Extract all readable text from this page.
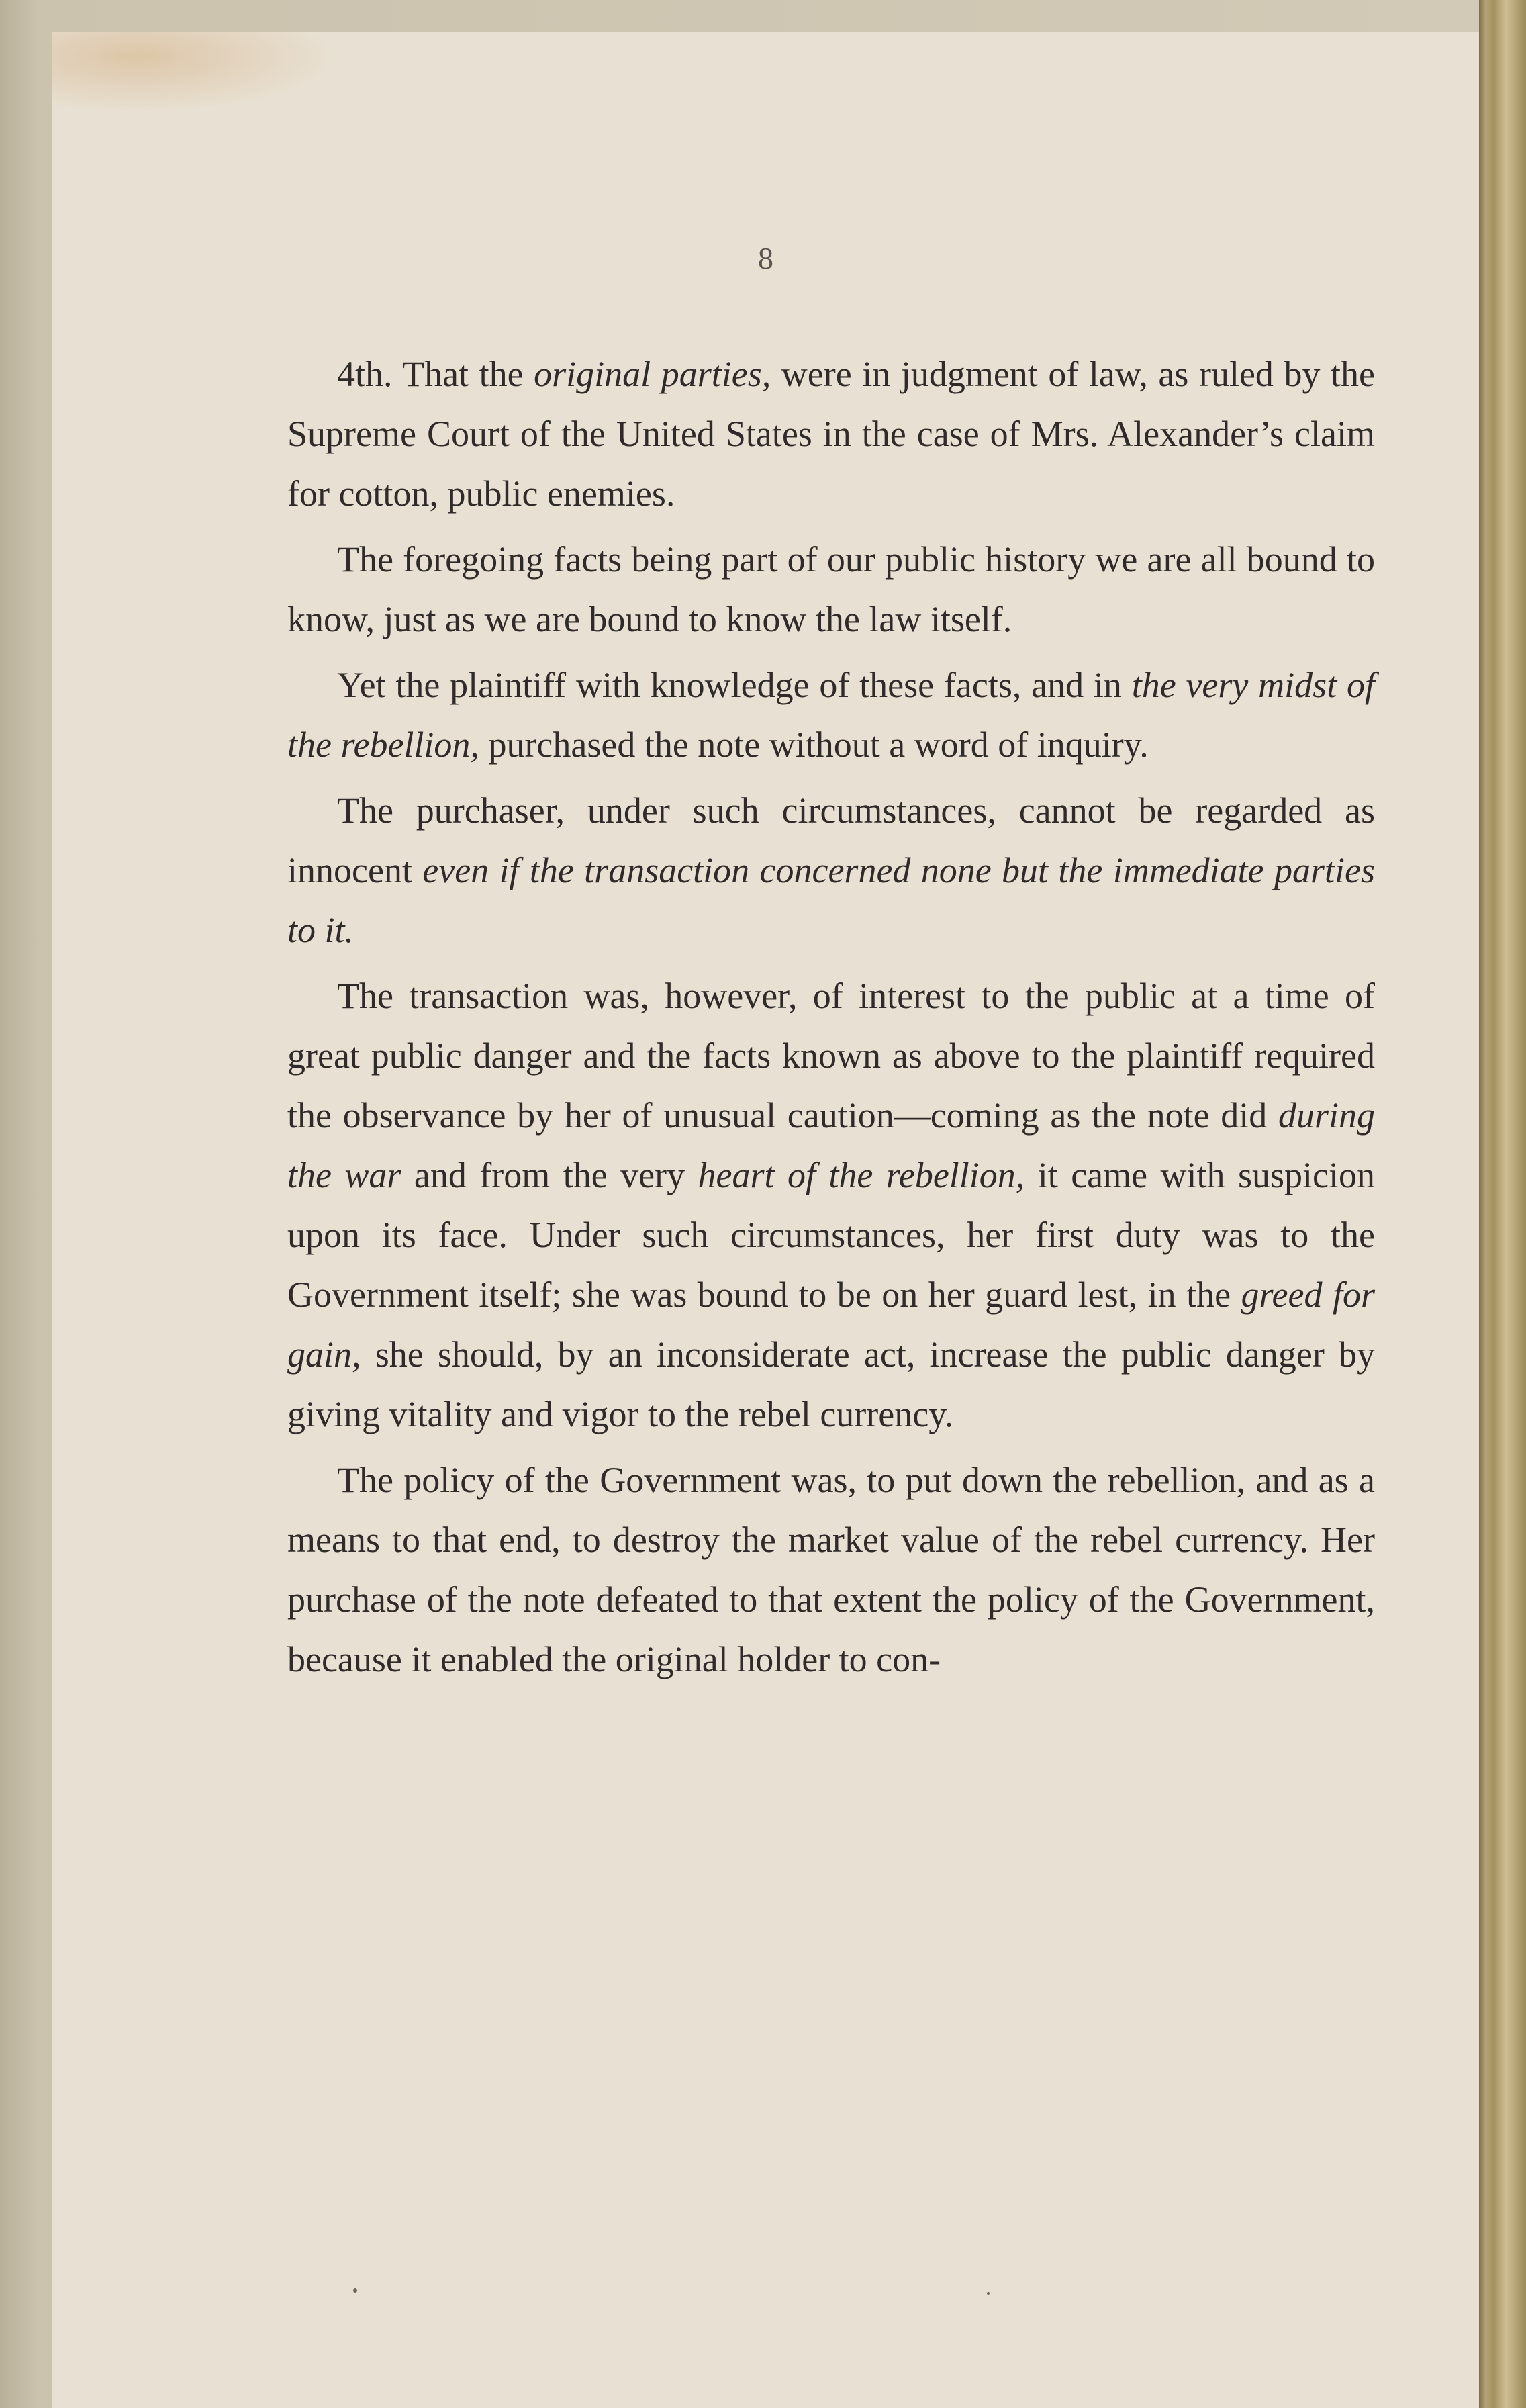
8

4th. That the original parties, were in judgment of law, as ruled by the Supreme Court of the United States in the case of Mrs. Alexander’s claim for cotton, public enemies.

The foregoing facts being part of our public history we are all bound to know, just as we are bound to know the law itself.

Yet the plaintiff with knowledge of these facts, and in the very midst of the rebellion, purchased the note without a word of inquiry.

The purchaser, under such circumstances, cannot be regarded as innocent even if the transaction concerned none but the immediate parties to it.

The transaction was, however, of interest to the public at a time of great public danger and the facts known as above to the plaintiff required the observance by her of unusual caution—coming as the note did during the war and from the very heart of the rebellion, it came with suspicion upon its face. Under such circumstances, her first duty was to the Government itself; she was bound to be on her guard lest, in the greed for gain, she should, by an inconsiderate act, increase the public danger by giving vitality and vigor to the rebel currency.

The policy of the Government was, to put down the rebellion, and as a means to that end, to destroy the market value of the rebel currency. Her purchase of the note defeated to that extent the policy of the Government, because it enabled the original holder to con-
